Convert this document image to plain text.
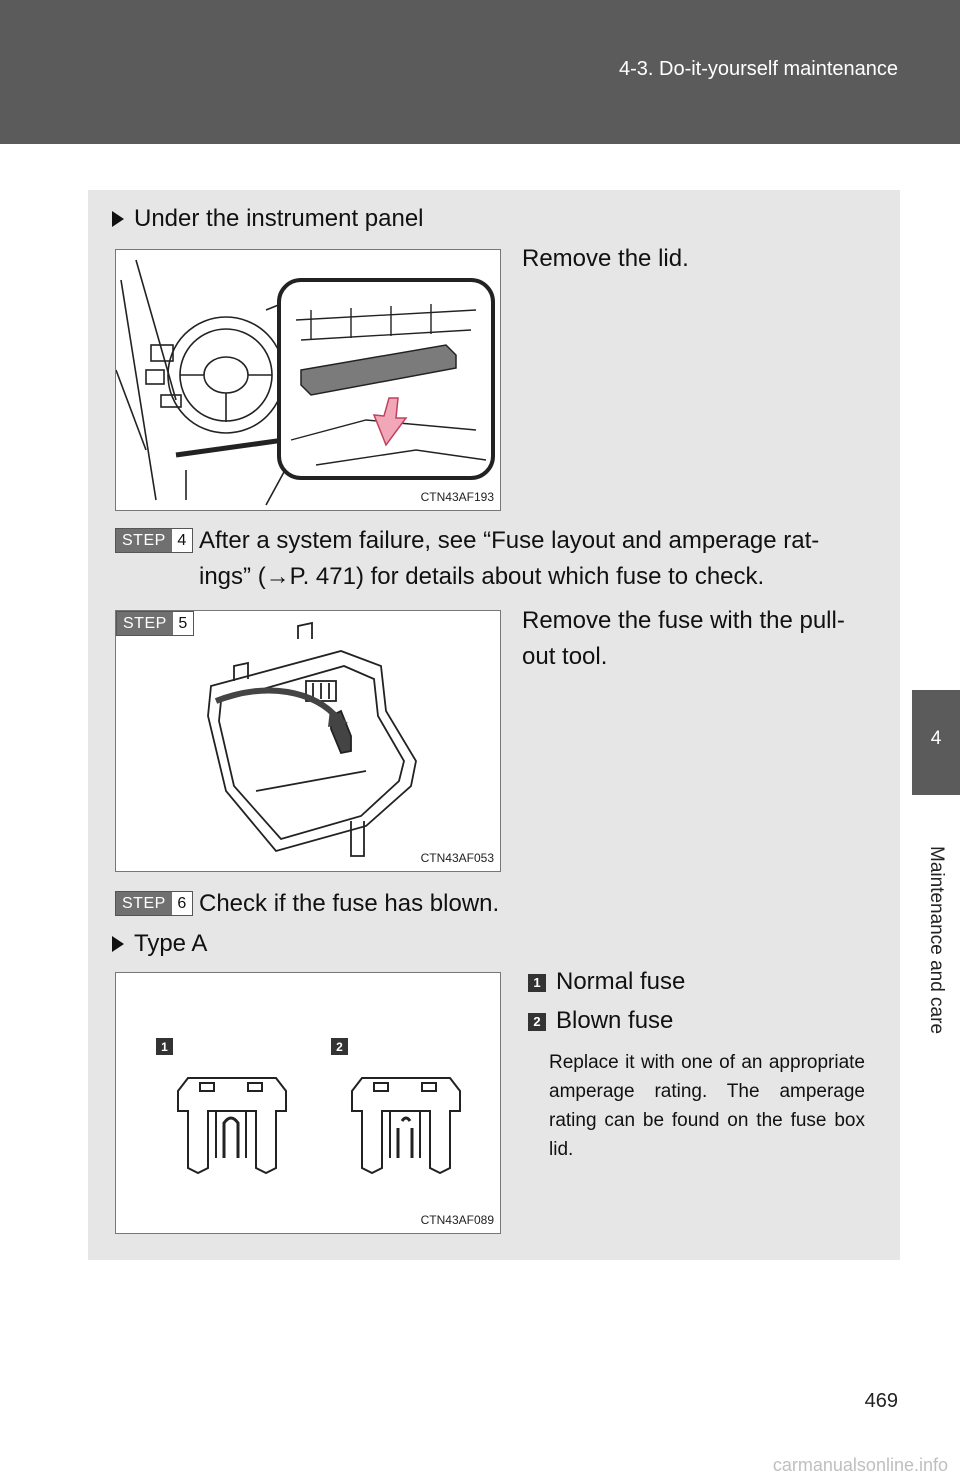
4-3. Do-it-yourself maintenance
4
Maintenance and care
Under the instrument panel
Remove the lid.
CTN43AF193
STEP 4 After a system failure, see “Fuse layout and amperage rat-
ings” (→P. 471) for details about which fuse to check.
STEP 5
CTN43AF053
Remove the fuse with the pull-
out tool.
STEP 6 Check if the fuse has blown.
Type A
1	2
CTN43AF089
1 Normal fuse
2 Blown fuse
Replace it with one of an appropriate amperage rating. The amperage rating can be found on the fuse box lid.
469
carmanualsonline.info
